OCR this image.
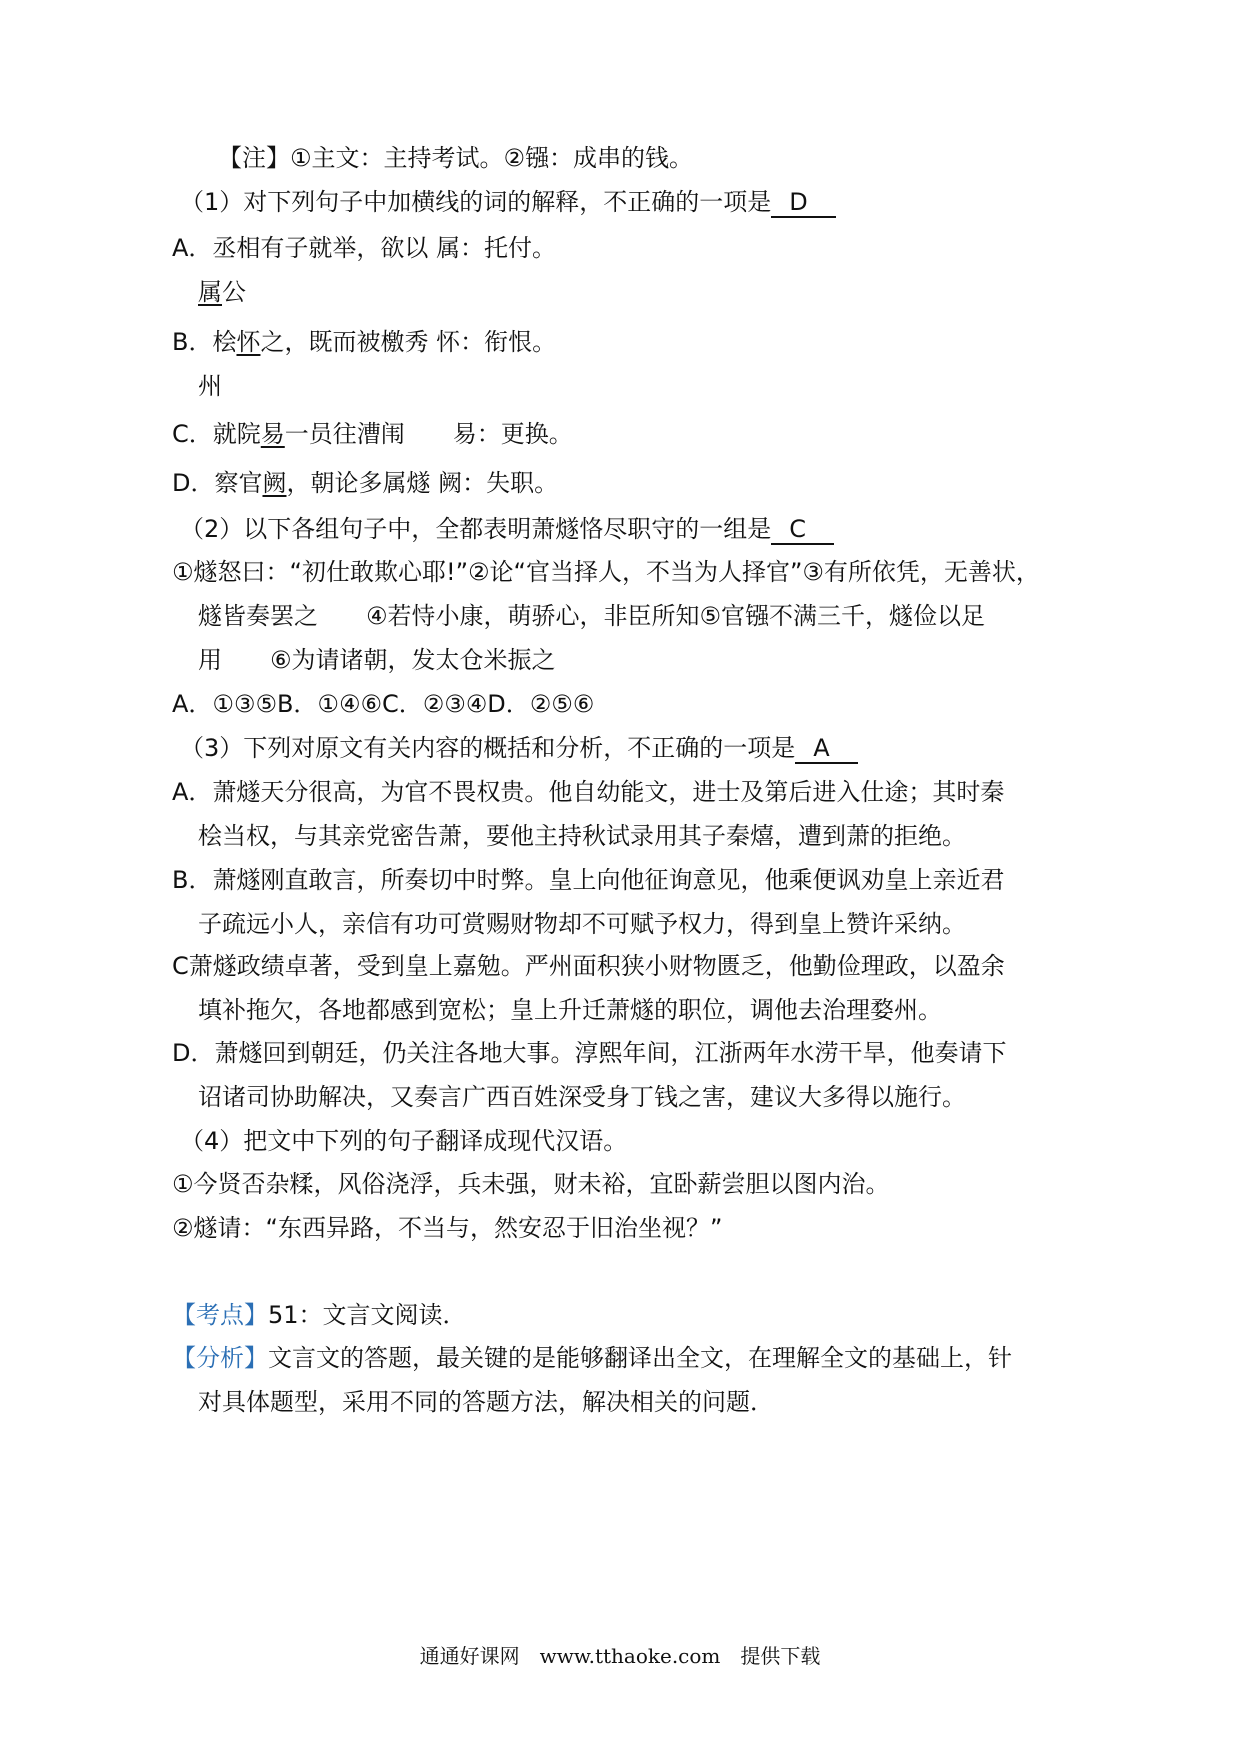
【注】①主文：主持考试。②镪：成串的钱。
（1）对下列句子中加横线的词的解释，不正确的一项是 D
A．丞相有子就举，欲以 属：托付。
属公
B．桧怀之，既而被檄秀 怀：衔恨。
州
C．就院易一员往漕闱   易：更换。
D．察官阙，朝论多属燧 阙：失职。
（2）以下各组句子中，全都表明萧燧恪尽职守的一组是 C
①燧怒曰：“初仕敢欺心耶!”②论“官当择人，不当为人择官”③有所依凭，无善状，
燧皆奏罢之　　④若恃小康，萌骄心，非臣所知⑤官镪不满三千，燧俭以足
用　　⑥为请诸朝，发太仓米振之
A．①③⑤B．①④⑥C．②③④D．②⑤⑥
（3）下列对原文有关内容的概括和分析，不正确的一项是 A
A．萧燧天分很高，为官不畏权贵。他自幼能文，进士及第后进入仕途；其时秦
桧当权，与其亲党密告萧，要他主持秋试录用其子秦熺，遭到萧的拒绝。
B．萧燧刚直敢言，所奏切中时弊。皇上向他征询意见，他乘便讽劝皇上亲近君
子疏远小人，亲信有功可赏赐财物却不可赋予权力，得到皇上赞许采纳。
C萧燧政绩卓著，受到皇上嘉勉。严州面积狭小财物匮乏，他勤俭理政，以盈余
填补拖欠，各地都感到宽松；皇上升迁萧燧的职位，调他去治理婺州。
D．萧燧回到朝廷，仍关注各地大事。淳熙年间，江浙两年水涝干旱，他奏请下
诏诸司协助解决，又奏言广西百姓深受身丁钱之害，建议大多得以施行。
（4）把文中下列的句子翻译成现代汉语。
①今贤否杂糅，风俗浇浮，兵未强，财未裕，宜卧薪尝胆以图内治。
②燧请：“东西异路，不当与，然安忍于旧治坐视？”
【考点】51：文言文阅读．
【分析】文言文的答题，最关键的是能够翻译出全文，在理解全文的基础上，针
对具体题型，采用不同的答题方法，解决相关的问题．
通通好课网　www.tthaoke.com　提供下载
